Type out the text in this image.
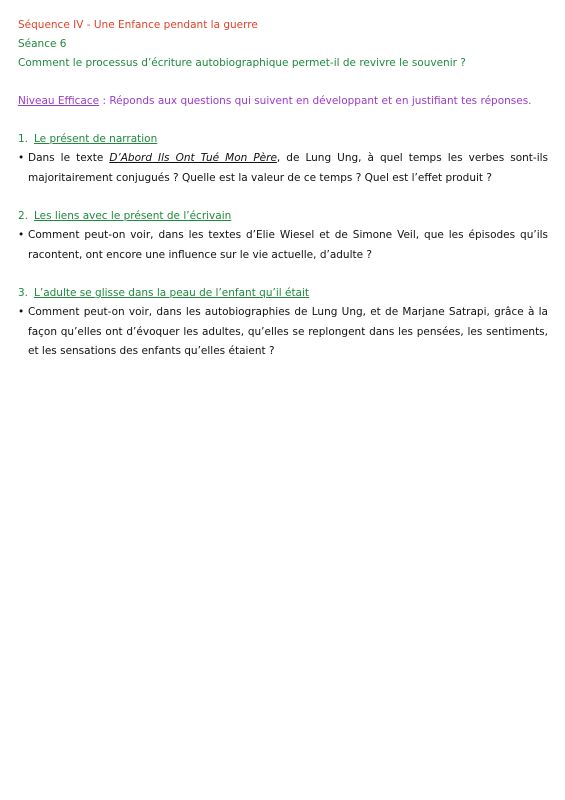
Séquence IV - Une Enfance pendant la guerre
Séance 6
Comment le processus d’écriture autobiographique permet-il de revivre le souvenir ?
Niveau Efficace : Réponds aux questions qui suivent en développant et en justifiant tes réponses.
1. Le présent de narration
• Dans le texte D’Abord Ils Ont Tué Mon Père, de Lung Ung, à quel temps les verbes sont-ils majoritairement conjugués ? Quelle est la valeur de ce temps ? Quel est l’effet produit ?
2. Les liens avec le présent de l’écrivain
• Comment peut-on voir, dans les textes d’Elie Wiesel et de Simone Veil, que les épisodes qu’ils racontent, ont encore une influence sur le vie actuelle, d’adulte ?
3. L’adulte se glisse dans la peau de l’enfant qu’il était
• Comment peut-on voir, dans les autobiographies de Lung Ung, et de Marjane Satrapi, grâce à la façon qu’elles ont d’évoquer les adultes, qu’elles se replongent dans les pensées, les sentiments, et les sensations des enfants qu’elles étaient ?
